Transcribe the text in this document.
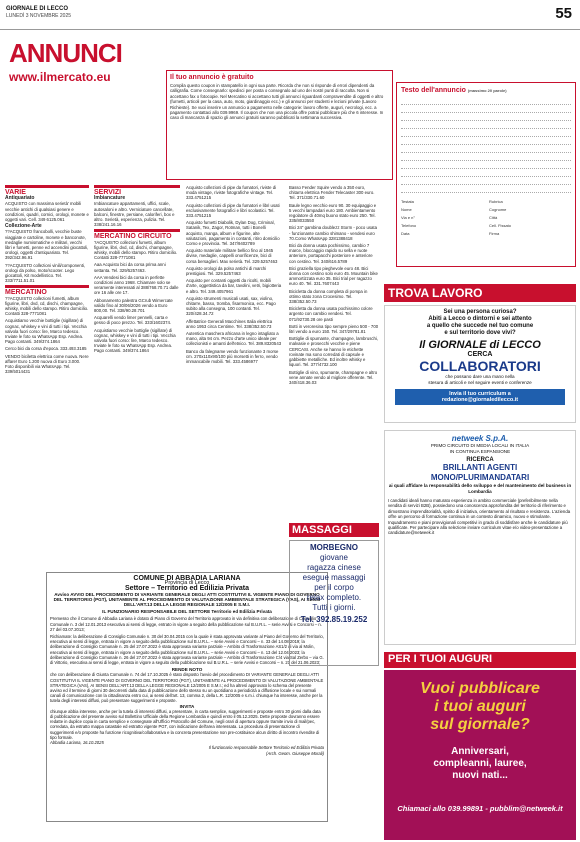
GIORNALE DI LECCO
LUNEDÌ 3 NOVEMBRE 2025	55
ANNUNCI
www.ilmercato.eu	Il tuo annuncio è gratuito

Compila questo coupon in stampatello in ogni sua parte. Ricorda che non si risponde di errori dipendenti da calligrafia. Come consegnarlo: spedisci per posta o consegnalo ad uno dei nostri punti di raccolta. Non si accettano fax o fotocopie. Nel Mercatino si accettano tutti gli annunci riguardanti compravendite di oggetti e altro (furnetti, articoli per la casa, auto, moto, giardinaggio ecc.) e gli annunci per studenti e lezioni private (Lavoro Richieste). Se vuoi inserire un annuncio a pagamento nelle categorie: lavoro offerte, auguri, necrologi, ecc. a pagamento contattaci allo 039.9969. Il coupon che non una piccola offre potrai pubblicare più che 6 interesse. In caso di mancanza di spazio gli annunci gratuiti saranno pubblicati la settimana successiva.

Testo dell'annuncio (massimo 20 parole)
Testata	Rubrica
Nome	Cognome
Via e n°	Città
Telefono	Cell. Fissato
Data	Firma
VARIE
Antiquariato

ACQUISTO con massima serietà' mobili vecchie antichi di qualsiasi genere e condizioni, quadri, cornici, orologi, monete e oggetti vari. Cell. 349 6125.061

Collezione-Arte

??ACQUISTO francobolli, vecchie buste viaggiate e cartoline, monete e banconote, medaglie numismatiche e militari, vecchi libri e fumetti, penne ed accendini giocattoli, orologi, oggetti d'antiquariato. Tel. 392/342.96.91

??ACQUISTO collezioni vinili/componenti, orologi da polso, moto/scooter. Lego giocattoli, Kit modellistico. Tel. 333/7711.51.01

MERCATINO

??ACQUISTO collezioni fumetti, album figurine, libri, dvd, cd, dischi, champagne, whisky, mobili dello stampo. Ritiro domicilio. Contatti 328-7771081

Acquistiamo vecchie bottiglie (sigillate) di cognac, whiskey e vini di tutti i tipi. Vecchia valvola fuori corso: lire, Marco tedesco. Inviate le foto su WhatsApp Esp. Andrea. Pago contanti. 349/374.1864

Cerco bici da corsa d'epoca. 333.493.3185

VENDO biciletta elettrica come nuova. Nere affare! Euro 1.200 nuova di Euro 3.000. Foto disponibili via WhatsApp. Tel. 339/5014431

SERVIZI
Imbiancature

Imbiancature appartamenti, uffici, scale, autosaloni e altro. Verniciature cancellate, balconi, finestre, persiane, caloriferi, box e altro. Serietà, esperienza, pulizia. Tel. 338/241.16.16

MERCATINO CIRCUITO

?ACQUISTO collezioni fumetti, album figurine, libri, dvd, cd, dischi, champagne, whisky, mobili dello stampo. Ritiro domicilio. Contatti 328-7771081

Aaa Acquisto bici da corsa prima anni settanta. Tel. 329/5257463.

AAA Vendesi bici da corsa in perfette condizioni anno 1968. Chiamare solo se veramente interessati al 388/768.70.71 dalle ore 16 alle ore 17.

Abbonamento palestra GCrub Wimercate valido fino al 30/06/2026 vendo a Euro 800,00. Tel. 338/90.28.701

Acquarelli vendo limer pennelli, carta e gesso di poco prezzo. Tel. 333/1602374.

Acquistiamo vecchie bottiglie (sigillate) di cognac, whiskey e vini di tutti i tipi. Vecchia valvola fuori corso: lire, Marco tedesco. Inviate le foto su WhatsApp Esp. Andrea. Pago contanti. 349/374.1864

Acquisto collezioni di pipe da fumatori, riviste di moda vintage, riviste fotografiche vintage. Tel. 333.4751215

Acquisto collezioni di pipe da fumatori e libri usati esclusivamente fotografici e libri scolastici. Tel. 333.4751215

Acquisto fumetti Diabolik, Dylan Dog, Criminal, Satanik, Tex, Zagor, Rotman, tutti i Bonelli acquisto, manga, album e figurine, alte valutazioni, pagamento in contanti, ritiro domicilio Como e provincia. Tel. 347/9402789

Acquisto materiale militare bellico fino al 1945 divise, medaglie, cappelli onorificenze, bici di corsa bersaglieri. Max serietà. Tel. 329.5257463

Acquisto orologi da polso antichi di marchi prestigiosi. Tel. 329.5257463

Acquisto per contanti oggetti da ricolti, mobili d'arte, oggettistica da bar, tavolini, vetri, bigiotteria e altro. Tel. 349.4057961

Acquisto strumenti musicali usati, sax, violino, chitarre, basso, tromba, fisarmonica, ecc. Pago subito alla consegna, 100 contanti. Tel. 320/428.34.72

Affettatrice Generali Macchines Italia elettrica anno 1953 circa Centime. Tel. 338/352.50.73

Autentica maschera africana in legno intagliato a mano, alta 94 cm. Pezzo d'arte unico ideale per collezionisti e amanti dell'etnico. Tel. 389.8320543

Banco da falegname vendo funzionante 3 morse cm. 270x110x90/100 più morsetti in ferro, vendo immancabile mobili. Tel. 333.4586977

Basso Fender Squire vendo a 350 euro, chitarra elettrica Fender Telecaster 300 euro. Tel. 371/330.71.60

Baule legno vecchio euro 90. 30 equipaggio e 5 vecchi lampadari euro 180. Ambientamento regolatore di 40mq buono stato euro 250. Tel. 335/8033550

Bici 24" gambina doublezz Storm - poco usata - funzionante cambio shimano - vendesi euro 70.Como WhatsApp 3281388418

Bici da donna usata pochissimo, cambio 7 marce, bloccaggio rapido su sella e ruote anteriore, portapacchi posteriore e anteriore con cestino. Tel. 340/616.5789

Bici graziella tipo pieghevole euro 48. Bici donna con cestino solo euro 45. Mountain bike ammortizzata euro 35. Bici trial per ragazzo euro 40. Tel. 331.7607443

Bicicletta da donna completa di pompa in ottimo stato zona Crocesimo. Tel. 338/352.50.73

Bicicletta da donna usata pochissimo colore argento con cambio vendesi. Tel. 071/92730.28 ore pasti

Botti in veroresina tipo sempre pieno 500 - 700 litri vendo a euro 150. Tel. 347/29781.81

Bottiglie di spumante, champagne, lambruschi, malvasie e prosecchi vecchie e piene CERCASI. Anche se hanno le etichette rovinate ma sono corredati di capsule e gabbiette metalliche. Ed inoltre whisky e liquori. Tel. 377/4732.100

Bottiglie di vino, spumante, champagne e altro vene annate vendo al migliore offerente. Tel. 340/418.36.03

TROVA LAVORO
Sei una persona curiosa?
Abiti a Lecco o dintorni e sei attento
a quello che succede nel tuo comune
e sul territorio dove vivi?
Il GIORNALE di LECCO
CERCA
COLLABORATORI
che possano dare una mano nella
stesura di articoli e nel seguire eventi e conferenze
Invia il tuo curriculum a
redazione@giornaledilecco.it
netweek S.p.A.
PRIMO CIRCUITO DI MEDIA LOCALI IN ITALIA
IN CONTINUA ESPANSIONE
RICERCA
BRILLANTI AGENTI
MONO/PLURIMANDATARI
ai quali affidare la responsabilità dello sviluppo e del mantenimento del business in Lombardia
I candidati ideali hanno maturato esperienza in ambito commerciale (preferibilmente nella vendita di servizi B2B), possiedono una conoscenza approfondita del territorio di riferimento e dimostrano imprenditorialità, spirito di iniziativa, orientamento al risultato e resistenza. L'azienda offre un percorso di formazione continua in un contesto dinamico, nuovo e stimolante. Inquadramento e piani provvigionali competitivi in grado di soddisfare anche le candidature più qualificate. Per partecipare alla selezione inviare curriculum vitae e/o video-presentazione a candidature@netweek.it
COMUNE DI ABBADIA LARIANA
Provincia di Lecco
Settore – Territorio ed Edilizia Privata
Avviso AVVIO DEL PROCEDIMENTO DI VARIANTE GENERALE DEGLI ATTI COSTITUTIVI IL VIGENTE PIANO DI GOVERNO DEL TERRITORIO (PGT), UNITAMENTE AL PROCEDIMENTO DI VALUTAZIONE AMBIENTALE STRATEGICA (VAS), AI SENSI DELL'ART.13 DELLA LEGGE REGIONALE 12/2005 E S.M.I.
IL FUNZIONARIO RESPONSABILE DEL SETTORE Territorio ed Edilizia Privata

Premesso che il Comune di Abbadia Lariana è dotato di Piano di Governo del Territorio approvato in via definitiva con deliberazione di Consiglio Comunale n. 3 del 12.01.2013 esecutiva ai sensi di legge, entrato in vigore a seguito della pubblicazione sul B.U.R.L. – serie Avvisi e Concorsi – n. 27 del 03.07.2013;

Richiamate: la deliberazione di Consiglio Comunale n. 30 del 30.04.2015 con la quale è stata approvata variante al Piano del Governo del Territorio, esecutiva ai sensi di legge, entrata in vigore a seguito della pubblicazione sul B.U.R.L. – serie Avvisi e Concorsi – n. 33 del 14.08.2019; la deliberazione di Consiglio Comunale n. 25 del 27.07.2022 è stata approvata variante parziale – Ambito di Trasformazione AS1/2 di via al Molin, esecutiva ai sensi di legge, entrata in vigore a seguito della pubblicazione sul B.U.R.L. – serie Avvisi e Concorsi – n. 13 del 12.04.2023; la deliberazione di Consiglio Comunale n. 26 del 27.07.2022 è stata approvata variante parziale – Ambito di Trasformazione C/4 via Sal Zerbo – via G. di Vittorio, esecutiva ai sensi di legge, entrata in vigore a seguito della pubblicazione sul B.U.R.L. – serie Avvisi e Concorsi – n. 21 del 21.06.2023;

RENDE NOTO

che con deliberazione di Giunta Comunale n. 74 del 17.10.2025 è stato disposto l'avvio del procedimento DI VARIANTE GENERALE DEGLI ATTI COSTITUTIVI IL VIGENTE PIANO DI GOVERNO DEL TERRITORIO (PGT), UNITAMENTE AL PROCEDIMENTO DI VALUTAZIONE AMBIENTALE STRATEGICA (VAS), AI SENSI DELL'ART.13 DELLA LEGGE REGIONALE 12/2005 E S.M.I.; ed ha altresì approvato lo schema del presente avviso ed il termine di giorni 30 decorrenti dalla data di pubblicazione dello stesso su un quotidiano a periodicità a diffusione locale e sui normali canali di comunicazione con la cittadinanza entro cui, ai sensi dell'art. 13, comma 2, della L.R. 12/2005 e s.m.i. chiunque ha interesse, anche per la tutela degli interessi diffusi, può presentare suggerimenti e proposte.

INVITA

chiunque abbia interesse, anche per la tutela di interessi diffusi, a presentare, in carta semplice, suggerimenti e proposte entro 30 giorni dalla data di pubblicazione del presente avviso sul Bollettino Ufficiale della Regione Lombardia e quindi entro il 05.12.2025. Dette proposte dovranno essere redatte in duplice copia in carta semplice e consegnate all'Ufficio Protocollo del Comune, negli orari di apertura oppure tramite invio di mail/pec, corredata, da estratto mappa catastale ed estratto vigente PGT, con indicazione dell'area interessata. La procedura di presentazione di suggerimenti e/o proposte ha funzione ricognitiva/collaborativa e la concreta presentazione non pre-costituisce alcun diritto di incontro rivendite di tipo formale.

Abbadia Lariana, 16.10.2025

Il funzionario responsabile Settore Territorio ed Edilizia Privata

(Arch. Geom. Giuseppe Morali)

MASSAGGI
MORBEGNO
giovane
ragazza cinese
esegue massaggi
per il corpo
relax completo.
Tutti i giorni.
Tel. 392.85.19.252
PER I TUOI AUGURI
Vuoi pubblicare
i tuoi auguri
sul giornale?
Anniversari,
compleanni, lauree,
nuovi nati...
Chiamaci allo 039.99891 - pubblim@netweek.it
